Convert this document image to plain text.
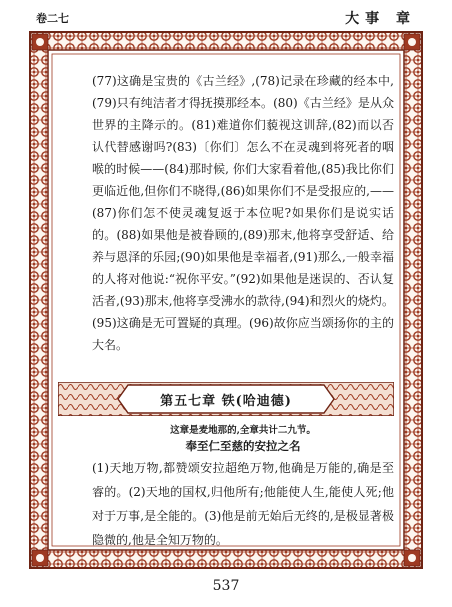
卷二七	大事 章

(77)这确是宝贵的《古兰经》,(78)记录在珍藏的经本中,(79)只有纯洁者才得抚摸那经本。(80)《古兰经》是从众世界的主降示的。(81)难道你们藐视这训辞,(82)而以否认代替感谢吗?(83)〔你们〕怎么不在灵魂到将死者的咽喉的时候——(84)那时候, 你们大家看着他,(85)我比你们更临近他,但你们不晓得,(86)如果你们不是受报应的,——(87)你们怎不使灵魂复返于本位呢?如果你们是说实话的。(88)如果他是被眷顾的,(89)那末,他将享受舒适、给养与恩泽的乐园;(90)如果他是幸福者,(91)那么,一般幸福的人将对他说:“祝你平安。”(92)如果他是迷误的、否认复活者,(93)那末,他将享受沸水的款待,(94)和烈火的烧灼。(95)这确是无可置疑的真理。(96)故你应当颂扬你的主的大名。

第五七章 铁(哈迪德)
这章是麦地那的,全章共计二九节。
奉至仁至慈的安拉之名

(1)天地万物,都赞颂安拉超绝万物,他确是万能的,确是至睿的。(2)天地的国权,归他所有;他能使人生,能使人死;他对于万事,是全能的。(3)他是前无始后无终的,是极显著极隐微的,他是全知万物的。

537
